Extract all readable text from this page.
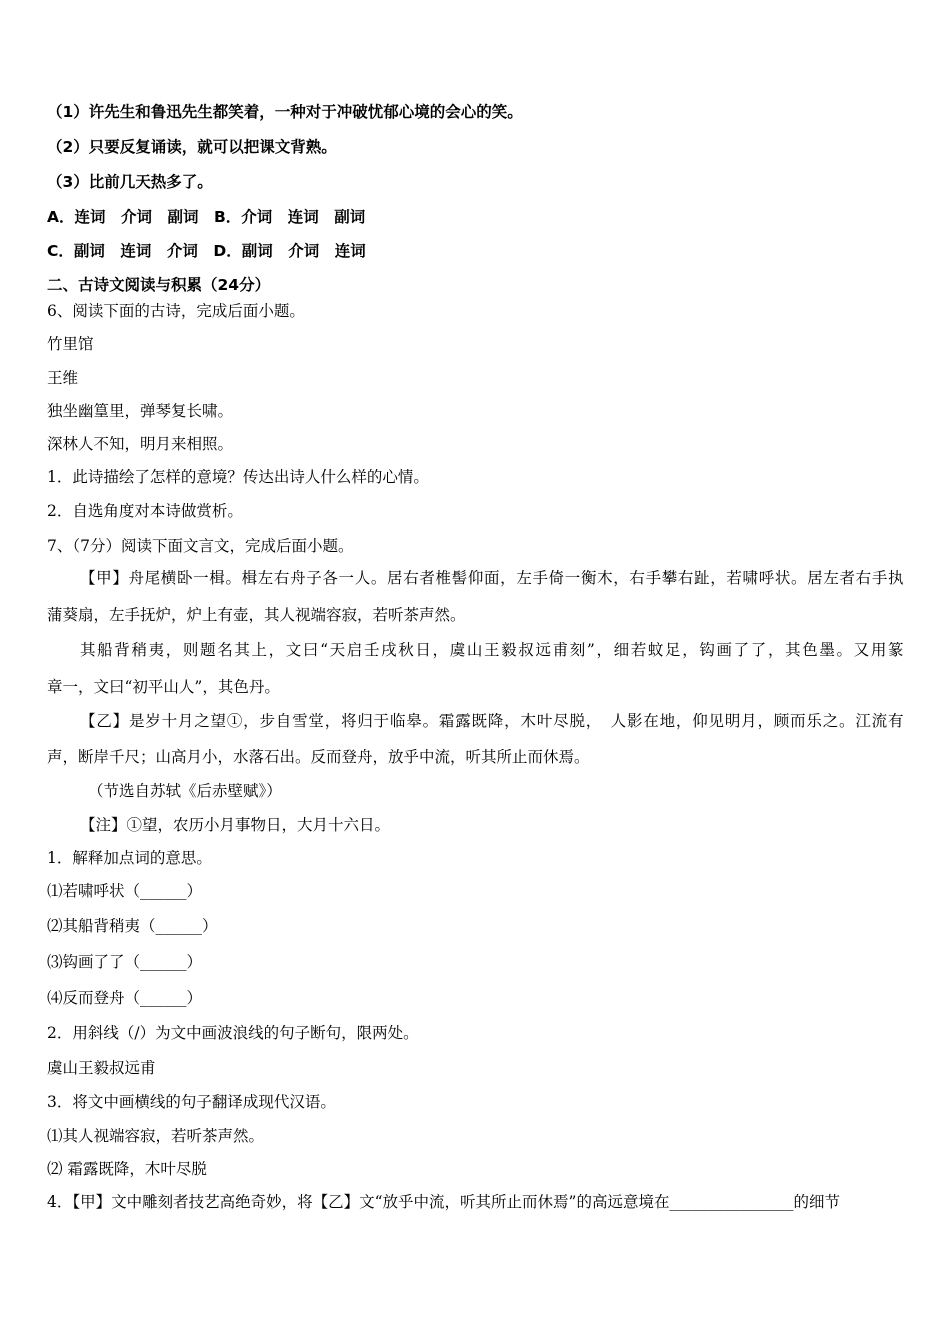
（1）许先生和鲁迅先生都笑着，一种对于冲破忧郁心境的会心的笑。
（2）只要反复诵读，就可以把课文背熟。
（3）比前几天热多了。
A．连词　介词　副词　B．介词　连词　副词
C．副词　连词　介词　D．副词　介词　连词
二、古诗文阅读与积累（24分）
6、阅读下面的古诗，完成后面小题。
竹里馆
王维
独坐幽篁里，弹琴复长啸。
深林人不知，明月来相照。
1．此诗描绘了怎样的意境？传达出诗人什么样的心情。
2．自选角度对本诗做赏析。
7、（7分）阅读下面文言文，完成后面小题。
【甲】舟尾横卧一楫。楫左右舟子各一人。居右者椎髻仰面，左手倚一衡木，右手攀右趾，若啸呼状。居左者右手执
蒲葵扇，左手抚炉，炉上有壶，其人视端容寂，若听茶声然。
其船背稍夷，则题名其上，文曰“天启壬戌秋日，虞山王毅叔远甫刻”，细若蚊足，钩画了了，其色墨。又用篆
章一，文曰“初平山人”，其色丹。
【乙】是岁十月之望①，步自雪堂，将归于临皋。霜露既降，木叶尽脱，　人影在地，仰见明月，顾而乐之。江流有
声，断岸千尺；山高月小，水落石出。反而登舟，放乎中流，听其所止而休焉。
（节选自苏轼《后赤壁赋》）
【注】①望，农历小月事物日，大月十六日。
1．解释加点词的意思。
⑴若啸呼状（______）
⑵其船背稍夷（______）
⑶钩画了了（______）
⑷反而登舟（______）
2．用斜线（/）为文中画波浪线的句子断句，限两处。
虞山王毅叔远甫
3．将文中画横线的句子翻译成现代汉语。
⑴其人视端容寂，若听茶声然。
⑵ 霜露既降，木叶尽脱
4．【甲】文中雕刻者技艺高绝奇妙，将【乙】文“放乎中流，听其所止而休焉”的高远意境在________________的细节
